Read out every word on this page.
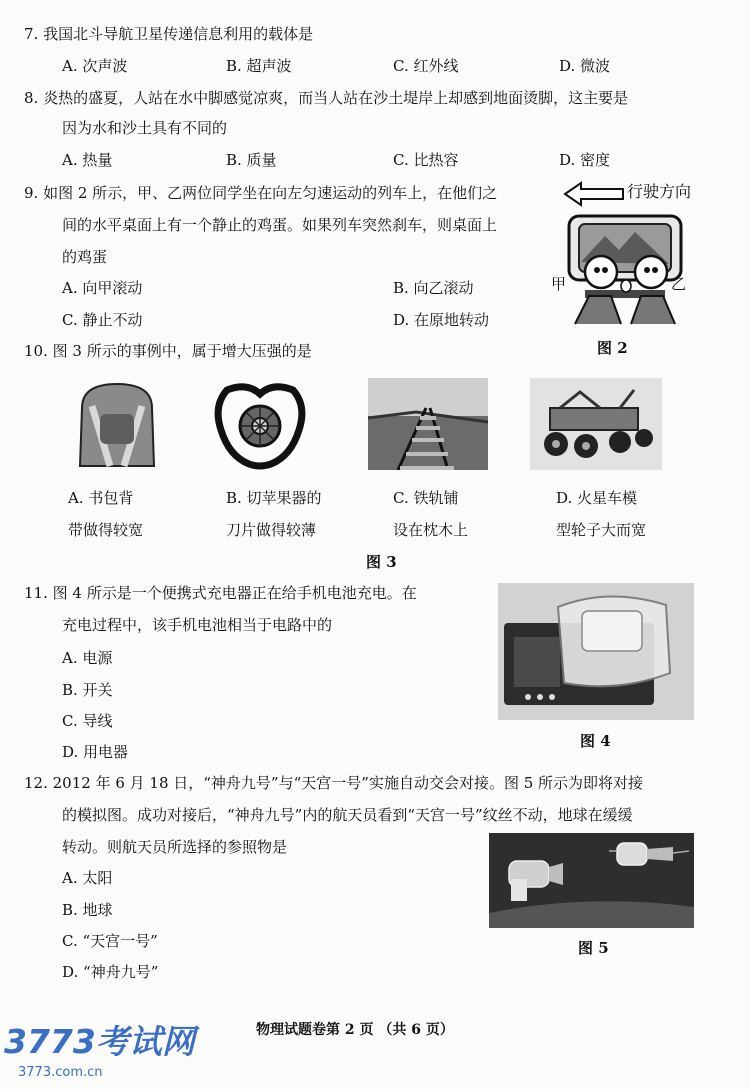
7. 我国北斗导航卫星传递信息利用的载体是
A. 次声波	B. 超声波	C. 红外线	D. 微波
8. 炎热的盛夏，人站在水中脚感觉凉爽，而当人站在沙土堤岸上却感到地面烫脚，这主要是
因为水和沙土具有不同的
A. 热量	B. 质量	C. 比热容	D. 密度
9. 如图 2 所示，甲、乙两位同学坐在向左匀速运动的列车上，在他们之
间的水平桌面上有一个静止的鸡蛋。如果列车突然刹车，则桌面上
的鸡蛋
A. 向甲滚动	B. 向乙滚动
C. 静止不动	D. 在原地转动
行驶方向
甲	乙
图 2
10. 图 3 所示的事例中，属于增大压强的是
A. 书包背
带做得较宽
B. 切苹果器的
刀片做得较薄
C. 铁轨铺
设在枕木上
D. 火星车模
型轮子大而宽
图 3
11. 图 4 所示是一个便携式充电器正在给手机电池充电。在
充电过程中，该手机电池相当于电路中的
A. 电源
B. 开关
C. 导线
D. 用电器
图 4
12. 2012 年 6 月 18 日，“神舟九号”与“天宫一号”实施自动交会对接。图 5 所示为即将对接
的模拟图。成功对接后，“神舟九号”内的航天员看到“天宫一号”纹丝不动，地球在缓缓
转动。则航天员所选择的参照物是
A. 太阳
B. 地球
C. “天宫一号”
D. “神舟九号”
图 5
物理试题卷第 2 页 （共 6 页）
3773考试网
3773.com.cn
